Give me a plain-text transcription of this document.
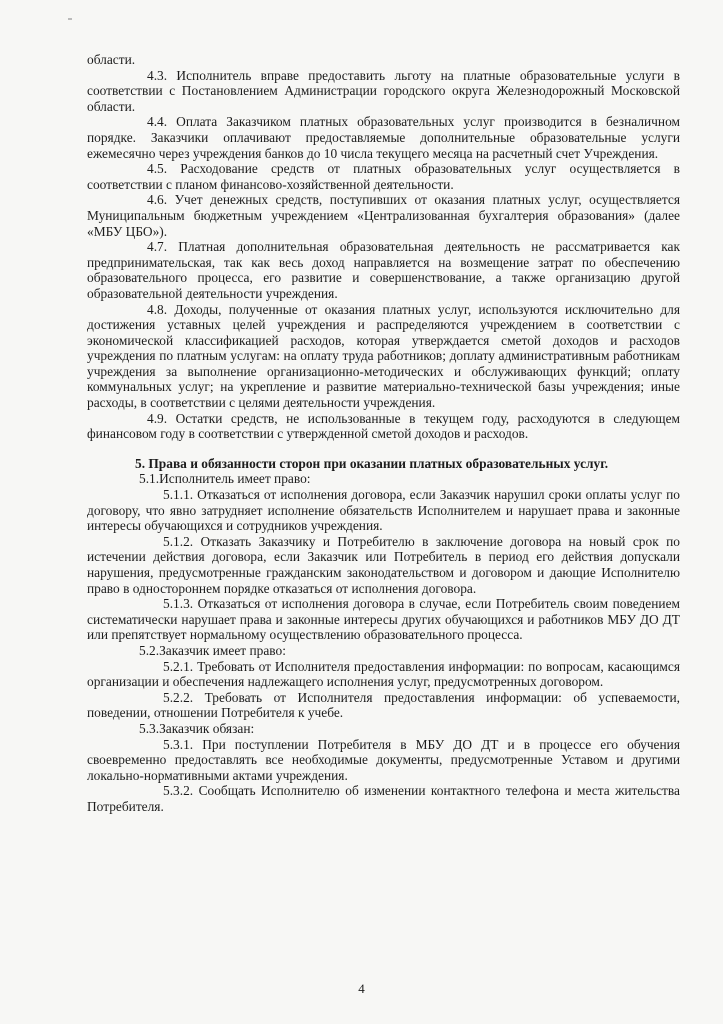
области.

4.3. Исполнитель вправе предоставить льготу на платные образовательные услуги в соответствии с Постановлением Администрации городского округа Железнодорожный Московской области.

4.4. Оплата Заказчиком платных образовательных услуг производится в безналичном порядке. Заказчики оплачивают предоставляемые дополнительные образовательные услуги ежемесячно через учреждения банков до 10 числа текущего месяца на расчетный счет Учреждения.

4.5. Расходование средств от платных образовательных услуг осуществляется в соответствии с планом финансово-хозяйственной деятельности.

4.6. Учет денежных средств, поступивших от оказания платных услуг, осуществляется Муниципальным бюджетным учреждением «Централизованная бухгалтерия образования» (далее «МБУ ЦБО»).

4.7. Платная дополнительная образовательная деятельность не рассматривается как предпринимательская, так как весь доход направляется на возмещение затрат по обеспечению образовательного процесса, его развитие и совершенствование, а также организацию другой образовательной деятельности учреждения.

4.8. Доходы, полученные от оказания платных услуг, используются исключительно для достижения уставных целей учреждения и распределяются учреждением в соответствии с экономической классификацией расходов, которая утверждается сметой доходов и расходов учреждения по платным услугам: на оплату труда работников; доплату административным работникам учреждения за выполнение организационно-методических и обслуживающих функций; оплату коммунальных услуг; на укрепление и развитие материально-технической базы учреждения; иные расходы, в соответствии с целями деятельности учреждения.

4.9. Остатки средств, не использованные в текущем году, расходуются в следующем финансовом году в соответствии с утвержденной сметой доходов и расходов.

5. Права и обязанности сторон при оказании платных образовательных услуг.

5.1.Исполнитель имеет право:

5.1.1. Отказаться от исполнения договора, если Заказчик нарушил сроки оплаты услуг по договору, что явно затрудняет исполнение обязательств Исполнителем и нарушает права и законные интересы обучающихся и сотрудников учреждения.

5.1.2. Отказать Заказчику и Потребителю в заключение договора на новый срок по истечении действия договора, если Заказчик или Потребитель в период его действия допускали нарушения, предусмотренные гражданским законодательством и договором и дающие Исполнителю право в одностороннем порядке отказаться от исполнения договора.

5.1.3. Отказаться от исполнения договора в случае, если Потребитель своим поведением систематически нарушает права и законные интересы других обучающихся и работников МБУ ДО ДТ или препятствует нормальному осуществлению образовательного процесса.

5.2.Заказчик имеет право:

5.2.1. Требовать от Исполнителя предоставления информации: по вопросам, касающимся организации и обеспечения надлежащего исполнения услуг, предусмотренных договором.

5.2.2. Требовать от Исполнителя предоставления информации: об успеваемости, поведении, отношении Потребителя к учебе.

5.3.Заказчик обязан:

5.3.1. При поступлении Потребителя в МБУ ДО ДТ и в процессе его обучения своевременно предоставлять все необходимые документы, предусмотренные Уставом и другими локально-нормативными актами учреждения.

5.3.2. Сообщать Исполнителю об изменении контактного телефона и места жительства Потребителя.

4
